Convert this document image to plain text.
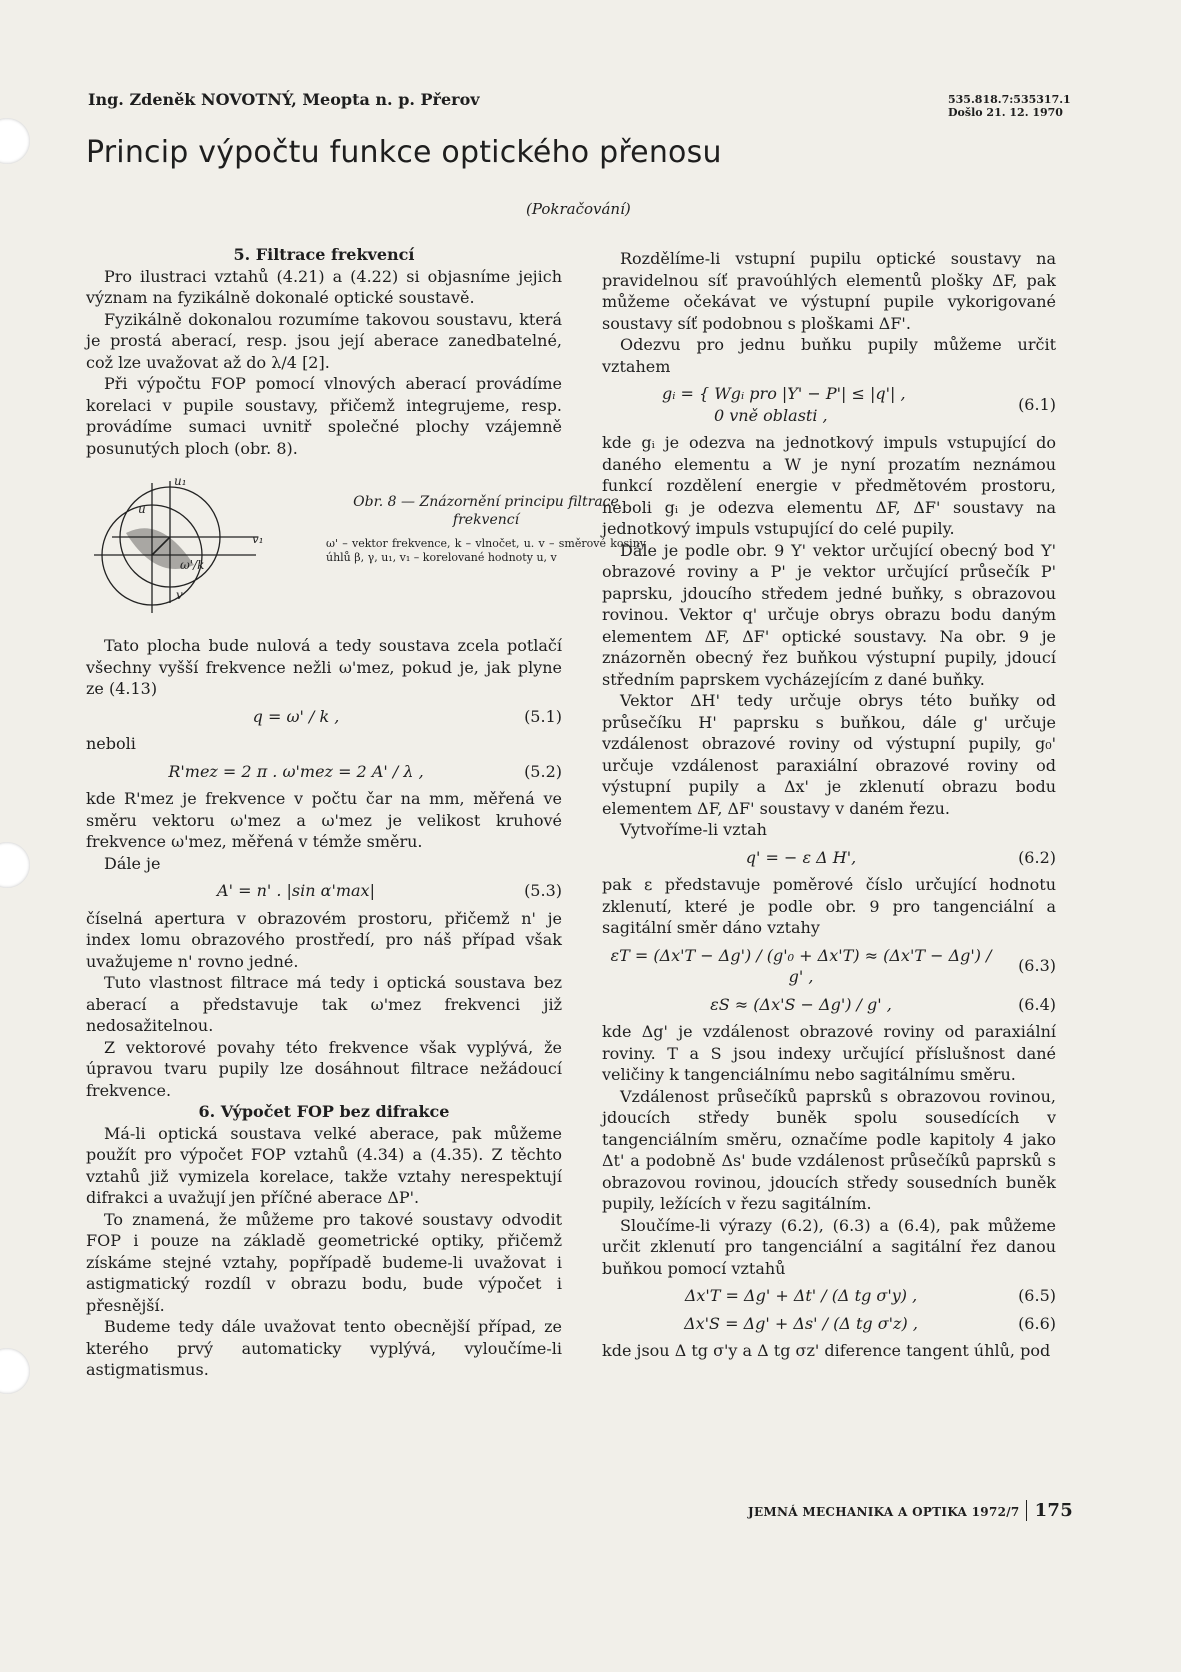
Ing. Zdeněk NOVOTNÝ, Meopta n. p. Přerov	535.818.7:535317.1
Došlo 21. 12. 1970
Princip výpočtu funkce optického přenosu
(Pokračování)

5. Filtrace frekvencí

Pro ilustraci vztahů (4.21) a (4.22) si objasníme jejich význam na fyzikálně dokonalé optické soustavě.

Fyzikálně dokonalou rozumíme takovou soustavu, která je prostá aberací, resp. jsou její aberace zanedbatelné, což lze uvažovat až do λ/4 [2].

Při výpočtu FOP pomocí vlnových aberací provádíme korelaci v pupile soustavy, přičemž integrujeme, resp. provádíme sumaci uvnitř společné plochy vzájemně posunutých ploch (obr. 8).

u₁
u
v₁
v
ω'/k
Obr. 8 — Znázornění principu filtrace frekvencí
ω' – vektor frekvence, k – vlnočet, u. v – směrové kosiny úhlů β, γ, u₁, v₁ – korelované hodnoty u, v

Tato plocha bude nulová a tedy soustava zcela potlačí všechny vyšší frekvence nežli ω'mez, pokud je, jak plyne ze (4.13)

q = ω' / k ,	(5.1)

neboli

R'mez = 2 π . ω'mez = 2 A' / λ ,	(5.2)

kde R'mez je frekvence v počtu čar na mm, měřená ve směru vektoru ω'mez a ω'mez je velikost kruhové frekvence ω'mez, měřená v témže směru.

Dále je

A' = n' . |sin α'max|	(5.3)

číselná apertura v obrazovém prostoru, přičemž n' je index lomu obrazového prostředí, pro náš případ však uvažujeme n' rovno jedné.

Tuto vlastnost filtrace má tedy i optická soustava bez aberací a představuje tak ω'mez frekvenci již nedosažitelnou.

Z vektorové povahy této frekvence však vyplývá, že úpravou tvaru pupily lze dosáhnout filtrace nežádoucí frekvence.

6. Výpočet FOP bez difrakce

Má-li optická soustava velké aberace, pak můžeme použít pro výpočet FOP vztahů (4.34) a (4.35). Z těchto vztahů již vymizela korelace, takže vztahy nerespektují difrakci a uvažují jen příčné aberace ΔP'.

To znamená, že můžeme pro takové soustavy odvodit FOP i pouze na základě geometrické optiky, přičemž získáme stejné vztahy, popřípadě budeme-li uvažovat i astigmatický rozdíl v obrazu bodu, bude výpočet i přesnější.

Budeme tedy dále uvažovat tento obecnější případ, ze kterého prvý automaticky vyplývá, vyloučíme-li astigmatismus.

Rozdělíme-li vstupní pupilu optické soustavy na pravidelnou síť pravoúhlých elementů plošky ΔF, pak můžeme očekávat ve výstupní pupile vykorigované soustavy síť podobnou s ploškami ΔF'.

Odezvu pro jednu buňku pupily můžeme určit vztahem

gᵢ = { Wgᵢ pro |Y' − P'| ≤ |q'| ,
0 vně oblasti ,
(6.1)

kde gᵢ je odezva na jednotkový impuls vstupující do daného elementu a W je nyní prozatím neznámou funkcí rozdělení energie v předmětovém prostoru, neboli gᵢ je odezva elementu ΔF, ΔF' soustavy na jednotkový impuls vstupující do celé pupily.

Dále je podle obr. 9 Y' vektor určující obecný bod Y' obrazové roviny a P' je vektor určující průsečík P' paprsku, jdoucího středem jedné buňky, s obrazovou rovinou. Vektor q' určuje obrys obrazu bodu daným elementem ΔF, ΔF' optické soustavy. Na obr. 9 je znázorněn obecný řez buňkou výstupní pupily, jdoucí středním paprskem vycházejícím z dané buňky.

Vektor ΔH' tedy určuje obrys této buňky od průsečíku H' paprsku s buňkou, dále g' určuje vzdálenost obrazové roviny od výstupní pupily, g₀' určuje vzdálenost paraxiální obrazové roviny od výstupní pupily a Δx' je zklenutí obrazu bodu elementem ΔF, ΔF' soustavy v daném řezu.

Vytvoříme-li vztah

q' = − ε Δ H',	(6.2)

pak ε představuje poměrové číslo určující hodnotu zklenutí, které je podle obr. 9 pro tangenciální a sagitální směr dáno vztahy

εT = (Δx'T − Δg') / (g'₀ + Δx'T) ≈ (Δx'T − Δg') / g' ,
(6.3)
εS ≈ (Δx'S − Δg') / g' ,	(6.4)

kde Δg' je vzdálenost obrazové roviny od paraxiální roviny. T a S jsou indexy určující příslušnost dané veličiny k tangenciálnímu nebo sagitálnímu směru.

Vzdálenost průsečíků paprsků s obrazovou rovinou, jdoucích středy buněk spolu sousedících v tangenciálním směru, označíme podle kapitoly 4 jako Δt' a podobně Δs' bude vzdálenost průsečíků paprsků s obrazovou rovinou, jdoucích středy sousedních buněk pupily, ležících v řezu sagitálním.

Sloučíme-li výrazy (6.2), (6.3) a (6.4), pak můžeme určit zklenutí pro tangenciální a sagitální řez danou buňkou pomocí vztahů

Δx'T = Δg' + Δt' / (Δ tg σ'y) ,	(6.5)
Δx'S = Δg' + Δs' / (Δ tg σ'z) ,	(6.6)

kde jsou Δ tg σ'y a Δ tg σz' diference tangent úhlů, pod

JEMNÁ MECHANIKA A OPTIKA 1972/7 175
